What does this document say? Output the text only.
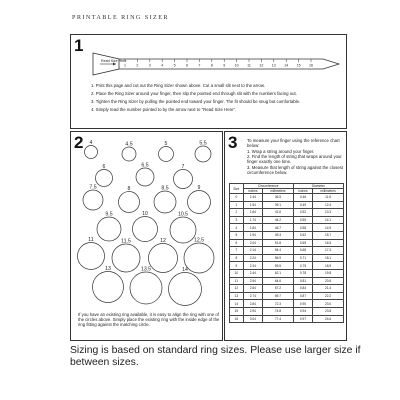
PRINTABLE RING SIZER
1
Read Size Here
1	2	3	4	5	6	7	8	9	10 11 12 13 14 15 16
1. Print this page and cut out the Ring Sizer shown above. Cut a small slit next to the arrow.
2. Place the Ring Sizer around your finger, then slip the pointed end through slit with the numbers facing out.
3. Tighten the Ring Sizer by pulling the pointed end toward your finger. The fit should be snug but comfortable.
4. Simply read the number pointed to by the arrow next to "Read Size Here".
2 4	4.5	5	5.5
6	6.5	7
7.5	8	8.5	9
9.5	10	10.5
11	11.5	12	12.5
13	13.5	14
If you have an existing ring available, it is easy to align the ring with one of the circles above. Simply place the existing ring with the inside edge of the ring fitting against the matching circle.
3 To measure your finger using the reference chart below:
1. Wrap a string around your finger.
2. Find the length of string that wraps around your finger exactly one time.
3. Measure that length of string against the closest circumference below.
Size	Circumference		Diameter	
	inches	millimeters	inches	millimeters
0	1.44	36.5	0.46	11.6
1	1.54	39.1	0.49	12.4
2	1.64	41.6	0.52	13.3
3	1.74	44.2	0.55	14.1
4	1.84	46.7	0.58	14.9
5	1.94	49.3	0.62	15.7
6	2.04	51.8	0.65	16.5
7	2.14	54.4	0.68	17.3
8	2.24	56.9	0.71	18.1
9	2.34	59.5	0.75	18.9
10	2.44	62.1	0.78	19.8
11	2.54	64.6	0.81	20.6
12	2.64	67.2	0.84	21.4
13	2.74	69.7	0.87	22.2
14	2.84	72.3	0.90	23.0
15	2.94	74.8	0.94	23.8
16	3.04	77.4	0.97	24.6
Sizing is based on standard ring sizes. Please use larger size if between sizes.
